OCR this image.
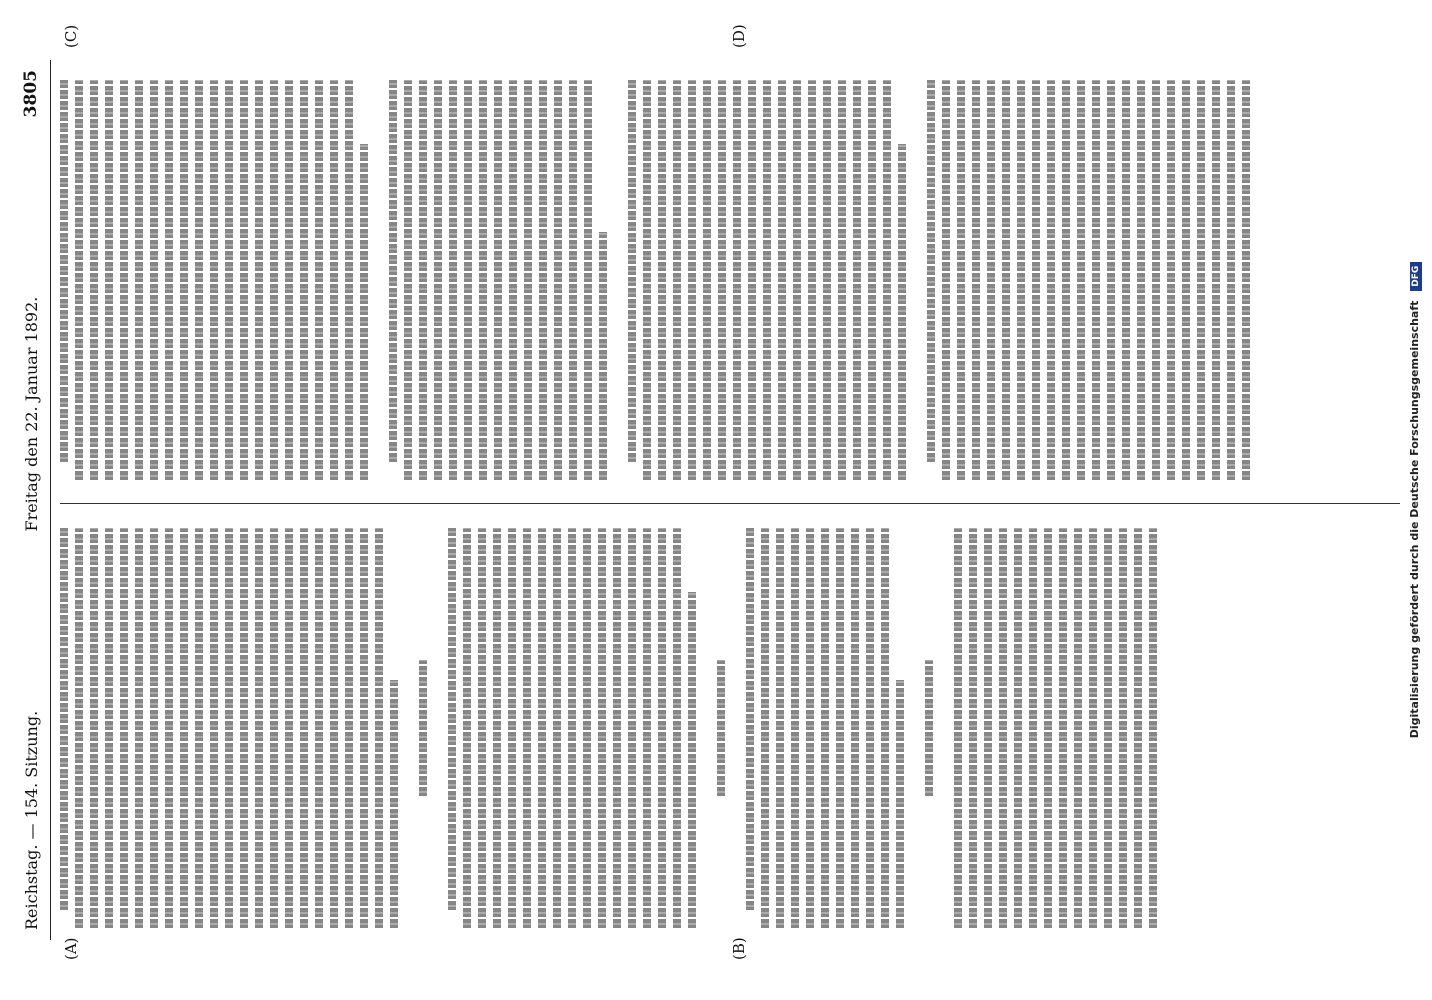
Reichstag. — 154. Sitzung.
Freitag den 22. Januar 1892.
3805
(A)	(B)
(C)	(D)
Digitalisierung gefördert durch die Deutsche Forschungsgemeinschaft DFG
